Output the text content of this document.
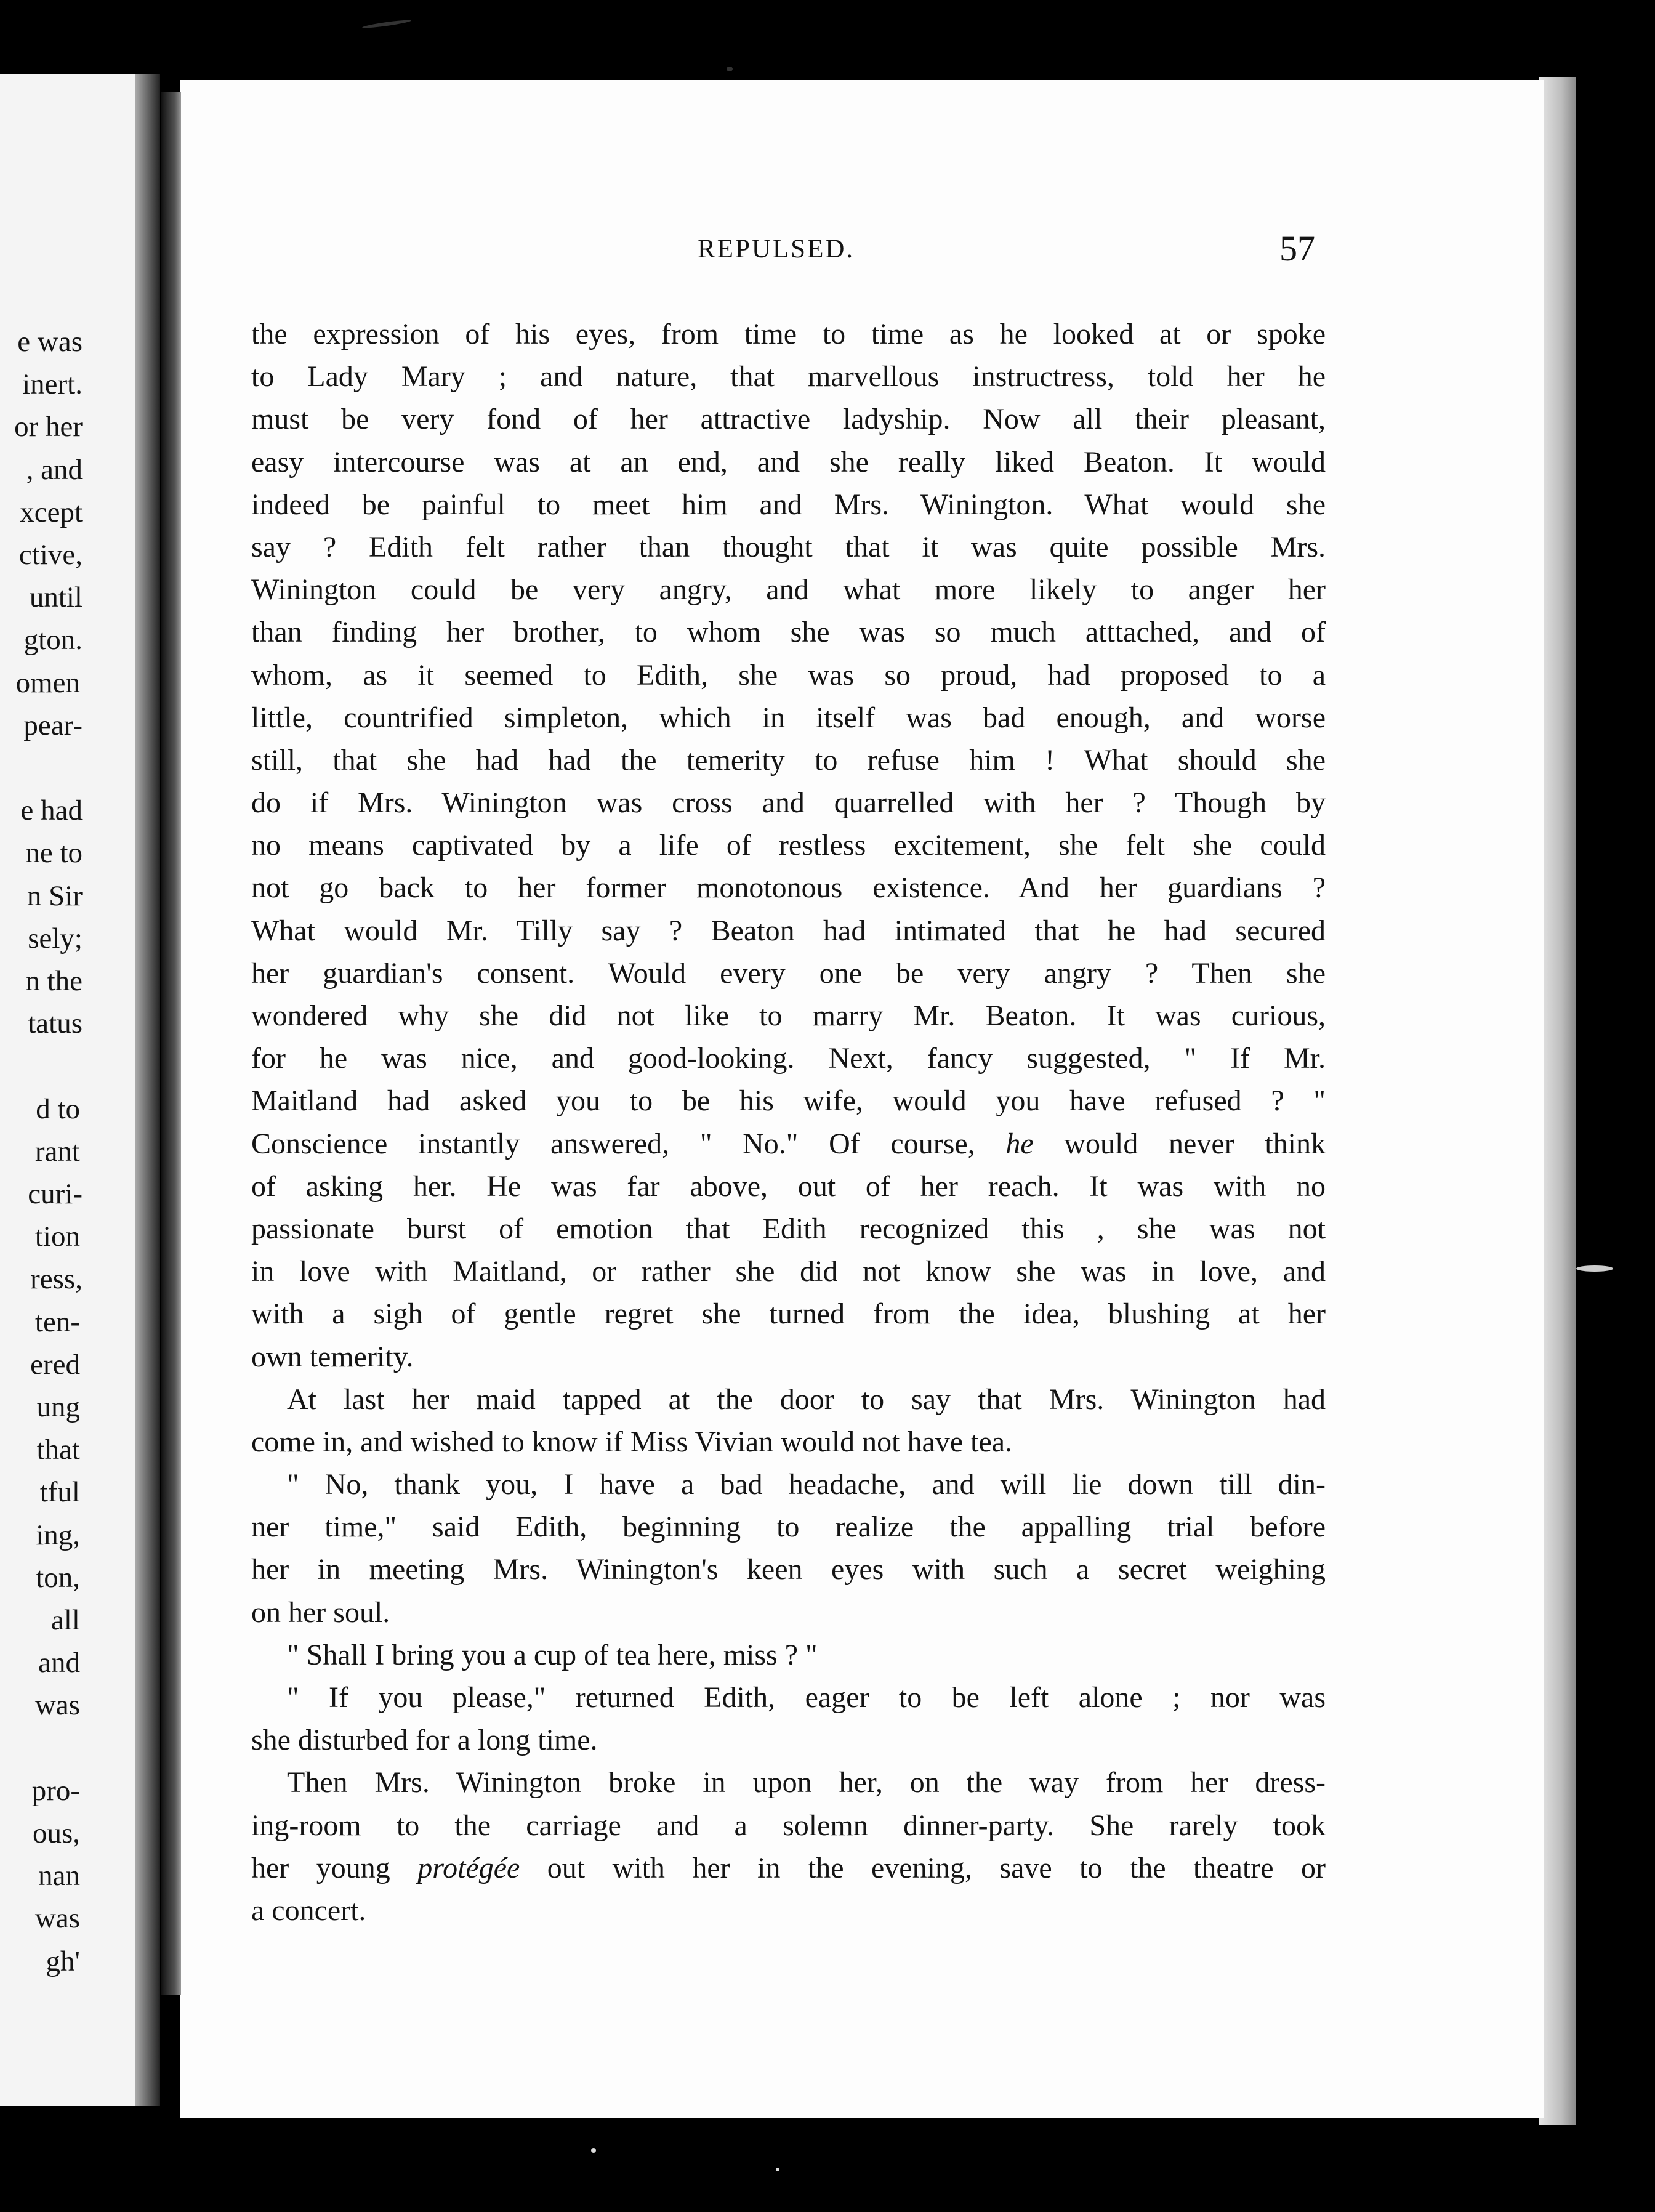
e was
inert.
or her
, and
xcept
ctive,
until
gton.
omen
pear-
e had
ne to
n Sir
sely;
n the
tatus
d to
rant
curi-
tion
ress,
ten-
ered
ung
that
tful
ing,
ton,
all
and
was
pro-
ous,
nan
was
gh'
REPULSED.	57
the expression of his eyes, from time to time as he looked at or spoke
to Lady Mary ; and nature, that marvellous instructress, told her he
must be very fond of her attractive ladyship. Now all their pleasant,
easy intercourse was at an end, and she really liked Beaton. It would
indeed be painful to meet him and Mrs. Winington. What would she
say ? Edith felt rather than thought that it was quite possible Mrs.
Winington could be very angry, and what more likely to anger her
than finding her brother, to whom she was so much atttached, and of
whom, as it seemed to Edith, she was so proud, had proposed to a
little, countrified simpleton, which in itself was bad enough, and worse
still, that she had had the temerity to refuse him ! What should she
do if Mrs. Winington was cross and quarrelled with her ? Though by
no means captivated by a life of restless excitement, she felt she could
not go back to her former monotonous existence. And her guardians ?
What would Mr. Tilly say ? Beaton had intimated that he had secured
her guardian's consent. Would every one be very angry ? Then she
wondered why she did not like to marry Mr. Beaton. It was curious,
for he was nice, and good-looking. Next, fancy suggested, " If Mr.
Maitland had asked you to be his wife, would you have refused ? "
Conscience instantly answered, " No." Of course, he would never think
of asking her. He was far above, out of her reach. It was with no
passionate burst of emotion that Edith recognized this , she was not
in love with Maitland, or rather she did not know she was in love, and
with a sigh of gentle regret she turned from the idea, blushing at her
own temerity.
At last her maid tapped at the door to say that Mrs. Winington had
come in, and wished to know if Miss Vivian would not have tea.
" No, thank you, I have a bad headache, and will lie down till din-
ner time," said Edith, beginning to realize the appalling trial before
her in meeting Mrs. Winington's keen eyes with such a secret weighing
on her soul.
" Shall I bring you a cup of tea here, miss ? "
" If you please," returned Edith, eager to be left alone ; nor was
she disturbed for a long time.
Then Mrs. Winington broke in upon her, on the way from her dress-
ing-room to the carriage and a solemn dinner-party. She rarely took
her young protégée out with her in the evening, save to the theatre or
a concert.
